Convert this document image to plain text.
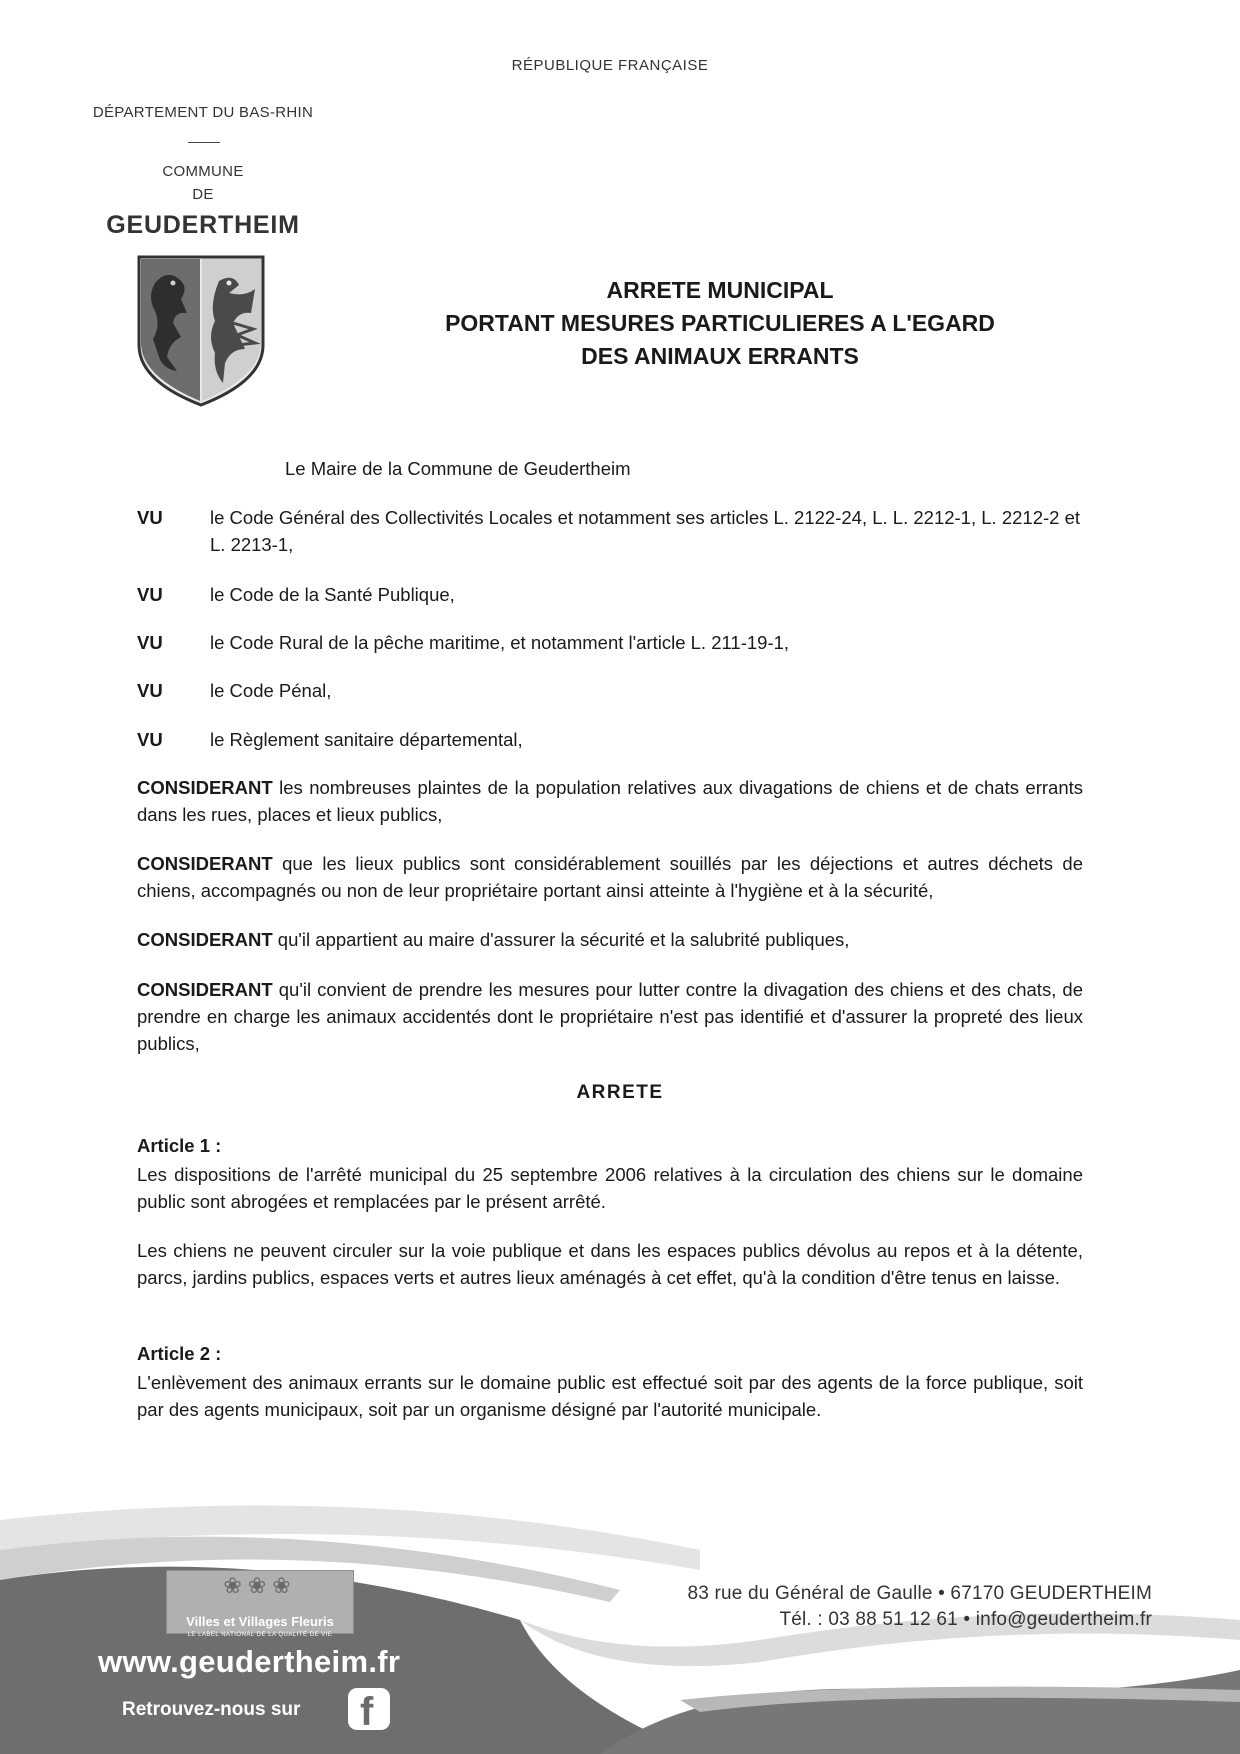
RÉPUBLIQUE FRANÇAISE
DÉPARTEMENT DU BAS-RHIN
COMMUNE
DE
GEUDERTHEIM
ARRETE MUNICIPAL
PORTANT MESURES PARTICULIERES A L'EGARD
DES ANIMAUX ERRANTS
Le Maire de la Commune de Geudertheim
VU	le Code Général des Collectivités Locales et notamment ses articles L. 2122-24, L. L. 2212-1, L. 2212-2 et L. 2213-1,
VU	le Code de la Santé Publique,
VU	le Code Rural de la pêche maritime, et notamment l'article L. 211-19-1,
VU	le Code Pénal,
VU	le Règlement sanitaire départemental,
CONSIDERANT les nombreuses plaintes de la population relatives aux divagations de chiens et de chats errants dans les rues, places et lieux publics,
CONSIDERANT que les lieux publics sont considérablement souillés par les déjections et autres déchets de chiens, accompagnés ou non de leur propriétaire portant ainsi atteinte à l'hygiène et à la sécurité,
CONSIDERANT qu'il appartient au maire d'assurer la sécurité et la salubrité publiques,
CONSIDERANT qu'il convient de prendre les mesures pour lutter contre la divagation des chiens et des chats, de prendre en charge les animaux accidentés dont le propriétaire n'est pas identifié et d'assurer la propreté des lieux publics,
ARRETE
Article 1 :
Les dispositions de l'arrêté municipal du 25 septembre 2006 relatives à la circulation des chiens sur le domaine public sont abrogées et remplacées par le présent arrêté.
Les chiens ne peuvent circuler sur la voie publique et dans les espaces publics dévolus au repos et à la détente, parcs, jardins publics, espaces verts et autres lieux aménagés à cet effet, qu'à la condition d'être tenus en laisse.
Article 2 :
L'enlèvement des animaux errants sur le domaine public est effectué soit par des agents de la force publique, soit par des agents municipaux, soit par un organisme désigné par l'autorité municipale.
❀❀❀
Villes et Villages Fleuris
LE LABEL NATIONAL DE LA QUALITÉ DE VIE
www.geudertheim.fr
Retrouvez-nous sur f
83 rue du Général de Gaulle • 67170 GEUDERTHEIM
Tél. : 03 88 51 12 61 • info@geudertheim.fr
